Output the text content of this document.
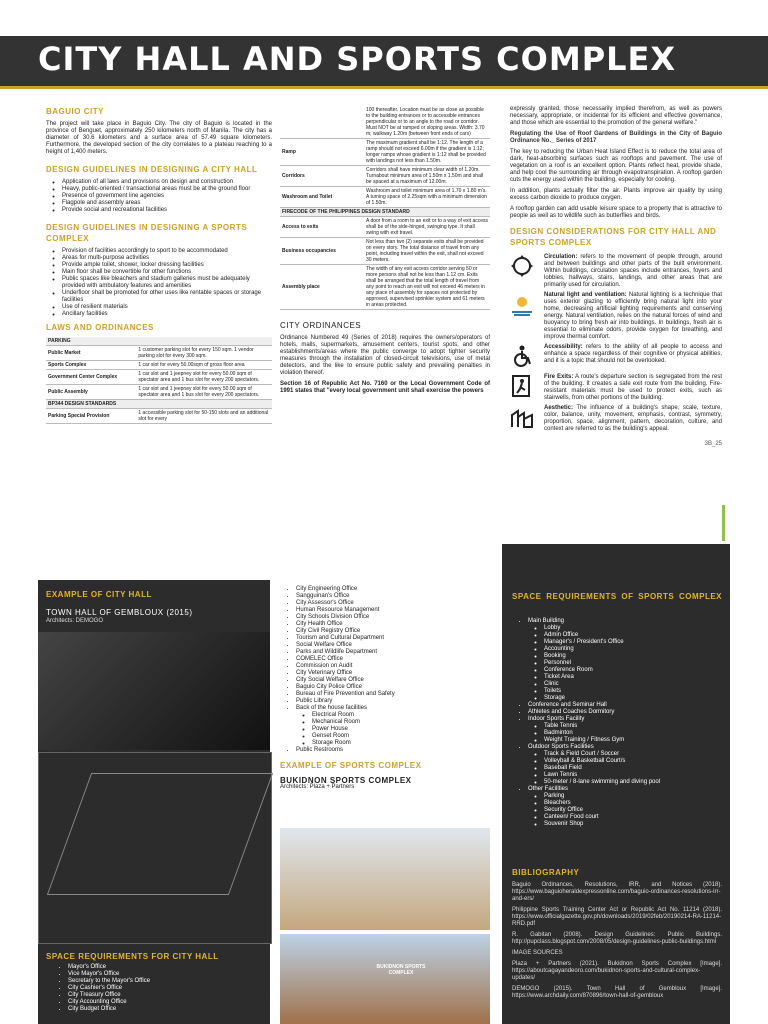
CITY HALL AND SPORTS COMPLEX
BAGUIO CITY

The project will take place in Baguio City. The city of Baguio is located in the province of Benguet, approximately 250 kilometers north of Manila. The city has a diameter of 30.6 kilometers and a surface area of 57.49 square kilometers. Furthermore, the developed section of the city correlates to a plateau reaching to a height of 1,400 meters.

DESIGN GUIDELINES IN DESIGNING A CITY HALL
◦ Application of all laws and provisions on design and construction
◦ Heavy, public-oriented / transactional areas must be at the ground floor
◦ Presence of government line agencies
◦ Flagpole and assembly areas
◦ Provide social and recreational facilities
DESIGN GUIDELINES IN DESIGNING A SPORTS COMPLEX
◦ Provision of facilities accordingly to sport to be accommodated
◦ Areas for multi-purpose activities
◦ Provide ample toilet, shower, locker dressing facilities
◦ Main floor shall be convertible for other functions
◦ Public spaces like bleachers and stadium galleries must be adequately provided with ambulatory features and amenities
◦ Underfloor shall be promoted for other uses like rentable spaces or storage facilities
◦ Use of resilient materials
◦ Ancillary facilities
LAWS AND ORDINANCES
PARKING	
Public Market	1 customer parking slot for every 150 sqm. 1 vendor parking slot for every 300 sqm.
Sports Complex	1 car slot for every 50.00sqm of gross floor area
Government Center Complex	1 car slot and 1 jeepney slot for every 50.00 sqm of spectator area and 1 bus slot for every 200 spectators.
Public Assembly	1 car slot and 1 jeepney slot for every 50.00 sqm of spectator area and 1 bus slot for every 200 spectators.
BP344 DESIGN STANDARDS	
Parking Special Provision	1 accessible parking slot for 50-150 slots and an additional slot for every
	100 thereafter. Location must be as close as possible to the building entrances or to accessible entrances perpendicular or to an angle to the road or corridor. Must NOT be at ramped or sloping areas. Width: 3.70 m; walkway 1.20m (between front ends of cars)
Ramp	The maximum gradient shall be 1:12. The length of a ramp should not exceed 6.00m if the gradient is 1:12; longer ramps whose gradient is 1:12 shall be provided with landings not less than 1.50m.
Corridors	Corridors shall have minimum clear width of 1.20m. Turnabout minimum area of 1.50m x 1.50m and shall be spaced at a maximum of 12.00m.
Washroom and Toilet	Washroom and toilet minimum area of 1.70 x 1.80 m's. A turning space of 2.25sqm with a minimum dimension of 1.50m.
FIRECODE OF THE PHILIPPINES DESIGN STANDARD	
Access to exits	A door from a room to an exit or to a way of exit access shall be of the side-hinged, swinging type. It shall swing with exit travel.
Business occupancies	Not less than two (2) separate exits shall be provided on every story. The total distance of travel from any point, including travel within the exit, shall not exceed 30 meters.
Assembly place	The width of any exit access corridor serving 50 or more persons shall not be less than 1.12 cm. Exits shall be arranged that the total length of travel from any point to reach an exit will not exceed 46 meters in any place of assembly for spaces not protected by approved, supervised sprinkler system and 61 meters in areas protected.
CITY ORDINANCES

Ordinance Numbered 49 (Series of 2018) requires the owners/operators of hotels, malls, supermarkets, amusement centers, tourist spots, and other establishments/areas where the public converge to adopt tighter security measures through the installation of closed-circuit televisions, use of metal detectors, and the like to ensure public safety and prevailing penalties in violation thereof.

Section 16 of Republic Act No. 7160 or the Local Government Code of 1991 states that "every local government unit shall exercise the powers

expressly granted, those necessarily implied therefrom, as well as powers necessary, appropriate, or incidental for its efficient and effective governance, and those which are essential to the promotion of the general welfare."

Regulating the Use of Roof Gardens of Buildings in the City of Baguio Ordinance No._ Series of 2017

The key to reducing the Urban Heat Island Effect is to reduce the total area of dark, heat-absorbing surfaces such as rooftops and pavement. The use of vegetation on a roof is an excellent option. Plants reflect heat, provide shade, and help cool the surrounding air through evapotranspiration. A rooftop garden cuts the energy used within the building, especially for cooling.

In addition, plants actually filter the air. Plants improve air quality by using excess carbon dioxide to produce oxygen.

A rooftop garden can add usable leisure space to a property that is attractive to people as well as to wildlife such as butterflies and birds.

DESIGN CONSIDERATIONS FOR CITY HALL AND SPORTS COMPLEX

Circulation: refers to the movement of people through, around and between buildings and other parts of the built environment. Within buildings, circulation spaces include entrances, foyers and lobbies, hallways, stairs, landings, and other areas that are primarily used for circulation.

Natural light and ventilation: Natural lighting is a technique that uses exterior glazing to efficiently bring natural light into your home, decreasing artificial lighting requirements and conserving energy. Natural ventilation, relies on the natural forces of wind and buoyancy to bring fresh air into buildings. In buildings, fresh air is essential to eliminate odors, provide oxygen for breathing, and improve thermal comfort.

Accessibility: refers to the ability of all people to access and enhance a space regardless of their cognitive or physical abilities, and it is a topic that should not be overlooked.

Fire Exits: A route's departure section is segregated from the rest of the building. It creates a safe exit route from the building. Fire-resistant materials must be used to protect exits, such as stairwells, from other portions of the building.

Aesthetic: The influence of a building's shape, scale, texture, color, balance, unity, movement, emphasis, contrast, symmetry, proportion, space, alignment, pattern, decoration, culture, and context are referred to as the building's appeal.

3B_25
EXAMPLE OF CITY HALL
TOWN HALL OF GEMBLOUX (2015)
Architects: DEMOGO
SPACE REQUIREMENTS FOR CITY HALL
• Mayor's Office
• Vice Mayor's Office
• Secretary to the Mayor's Office
• City Cashier's Office
• City Treasury Office
• City Accounting Office
• City Budget Office
• City Engineering Office
• Sangguinan's Office
• City Assessor's Office
• Human Resource Management
• City Schools Division Office
• City Health Office
• City Civil Registry Office
• Tourism and Cultural Department
• Social Welfare Office
• Parks and Wildlife Department
• COMELEC Office
• Commission on Audit
• City Veterinary Office
• City Social Welfare Office
• Baguio City Police Office
• Bureau of Fire Prevention and Safety
• Public Library
• Back of the house facilities
◦ Electrical Room
◦ Mechanical Room
◦ Power House
◦ Genset Room
◦ Storage Room
• Public Restrooms
EXAMPLE OF SPORTS COMPLEX
BUKIDNON SPORTS COMPLEX
Architects: Plaza + Partners
BUKIDNON SPORTS COMPLEX
SPACE REQUIREMENTS OF SPORTS COMPLEX
• Main Building
◦ Lobby
◦ Admin Office
◦ Manager's / President's Office
◦ Accounting
◦ Booking
◦ Personnel
◦ Conference Room
◦ Ticket Area
◦ Clinic
◦ Toilets
◦ Storage
• Conference and Seminar Hall
• Athletes and Coaches Dormitory
• Indoor Sports Facility
◦ Table Tennis
◦ Badminton
◦ Weight Training / Fitness Gym
• Outdoor Sports Facilities
◦ Track & Field Court / Soccer
◦ Volleyball & Basketball Court/s
◦ Baseball Field
◦ Lawn Tennis
◦ 50-meter / 8-lane swimming and diving pool
• Other Facilities
◦ Parking
◦ Bleachers
◦ Security Office
◦ Canteen/ Food court
◦ Souvenir Shop
BIBLIOGRAPHY

Baguio Ordinances, Resolutions, IRR, and Notices (2018). https://www.baguioheraldexpressonline.com/baguio-ordinances-resolutions-irr-and-ers/

Philippine Sports Training Center Act or Republic Act No. 11214 (2018). https://www.officialgazette.gov.ph/downloads/2019/02feb/20190214-RA-11214-RRD.pdf

R. Gabitan (2008). Design Guidelines: Public Buildings. http://pupclass.blogspot.com/2008/05/design-guidelines-public-buildings.html

IMAGE SOURCES

Plaza + Partners (2021). Bukidnon Sports Complex [Image]. https://aboutcagayandeoro.com/bukidnon-sports-and-cultural-complex-updates/

DEMOGO (2015). Town Hall of Gembloux [Image]. https://www.archdaily.com/870896/town-hall-of-gembloux
